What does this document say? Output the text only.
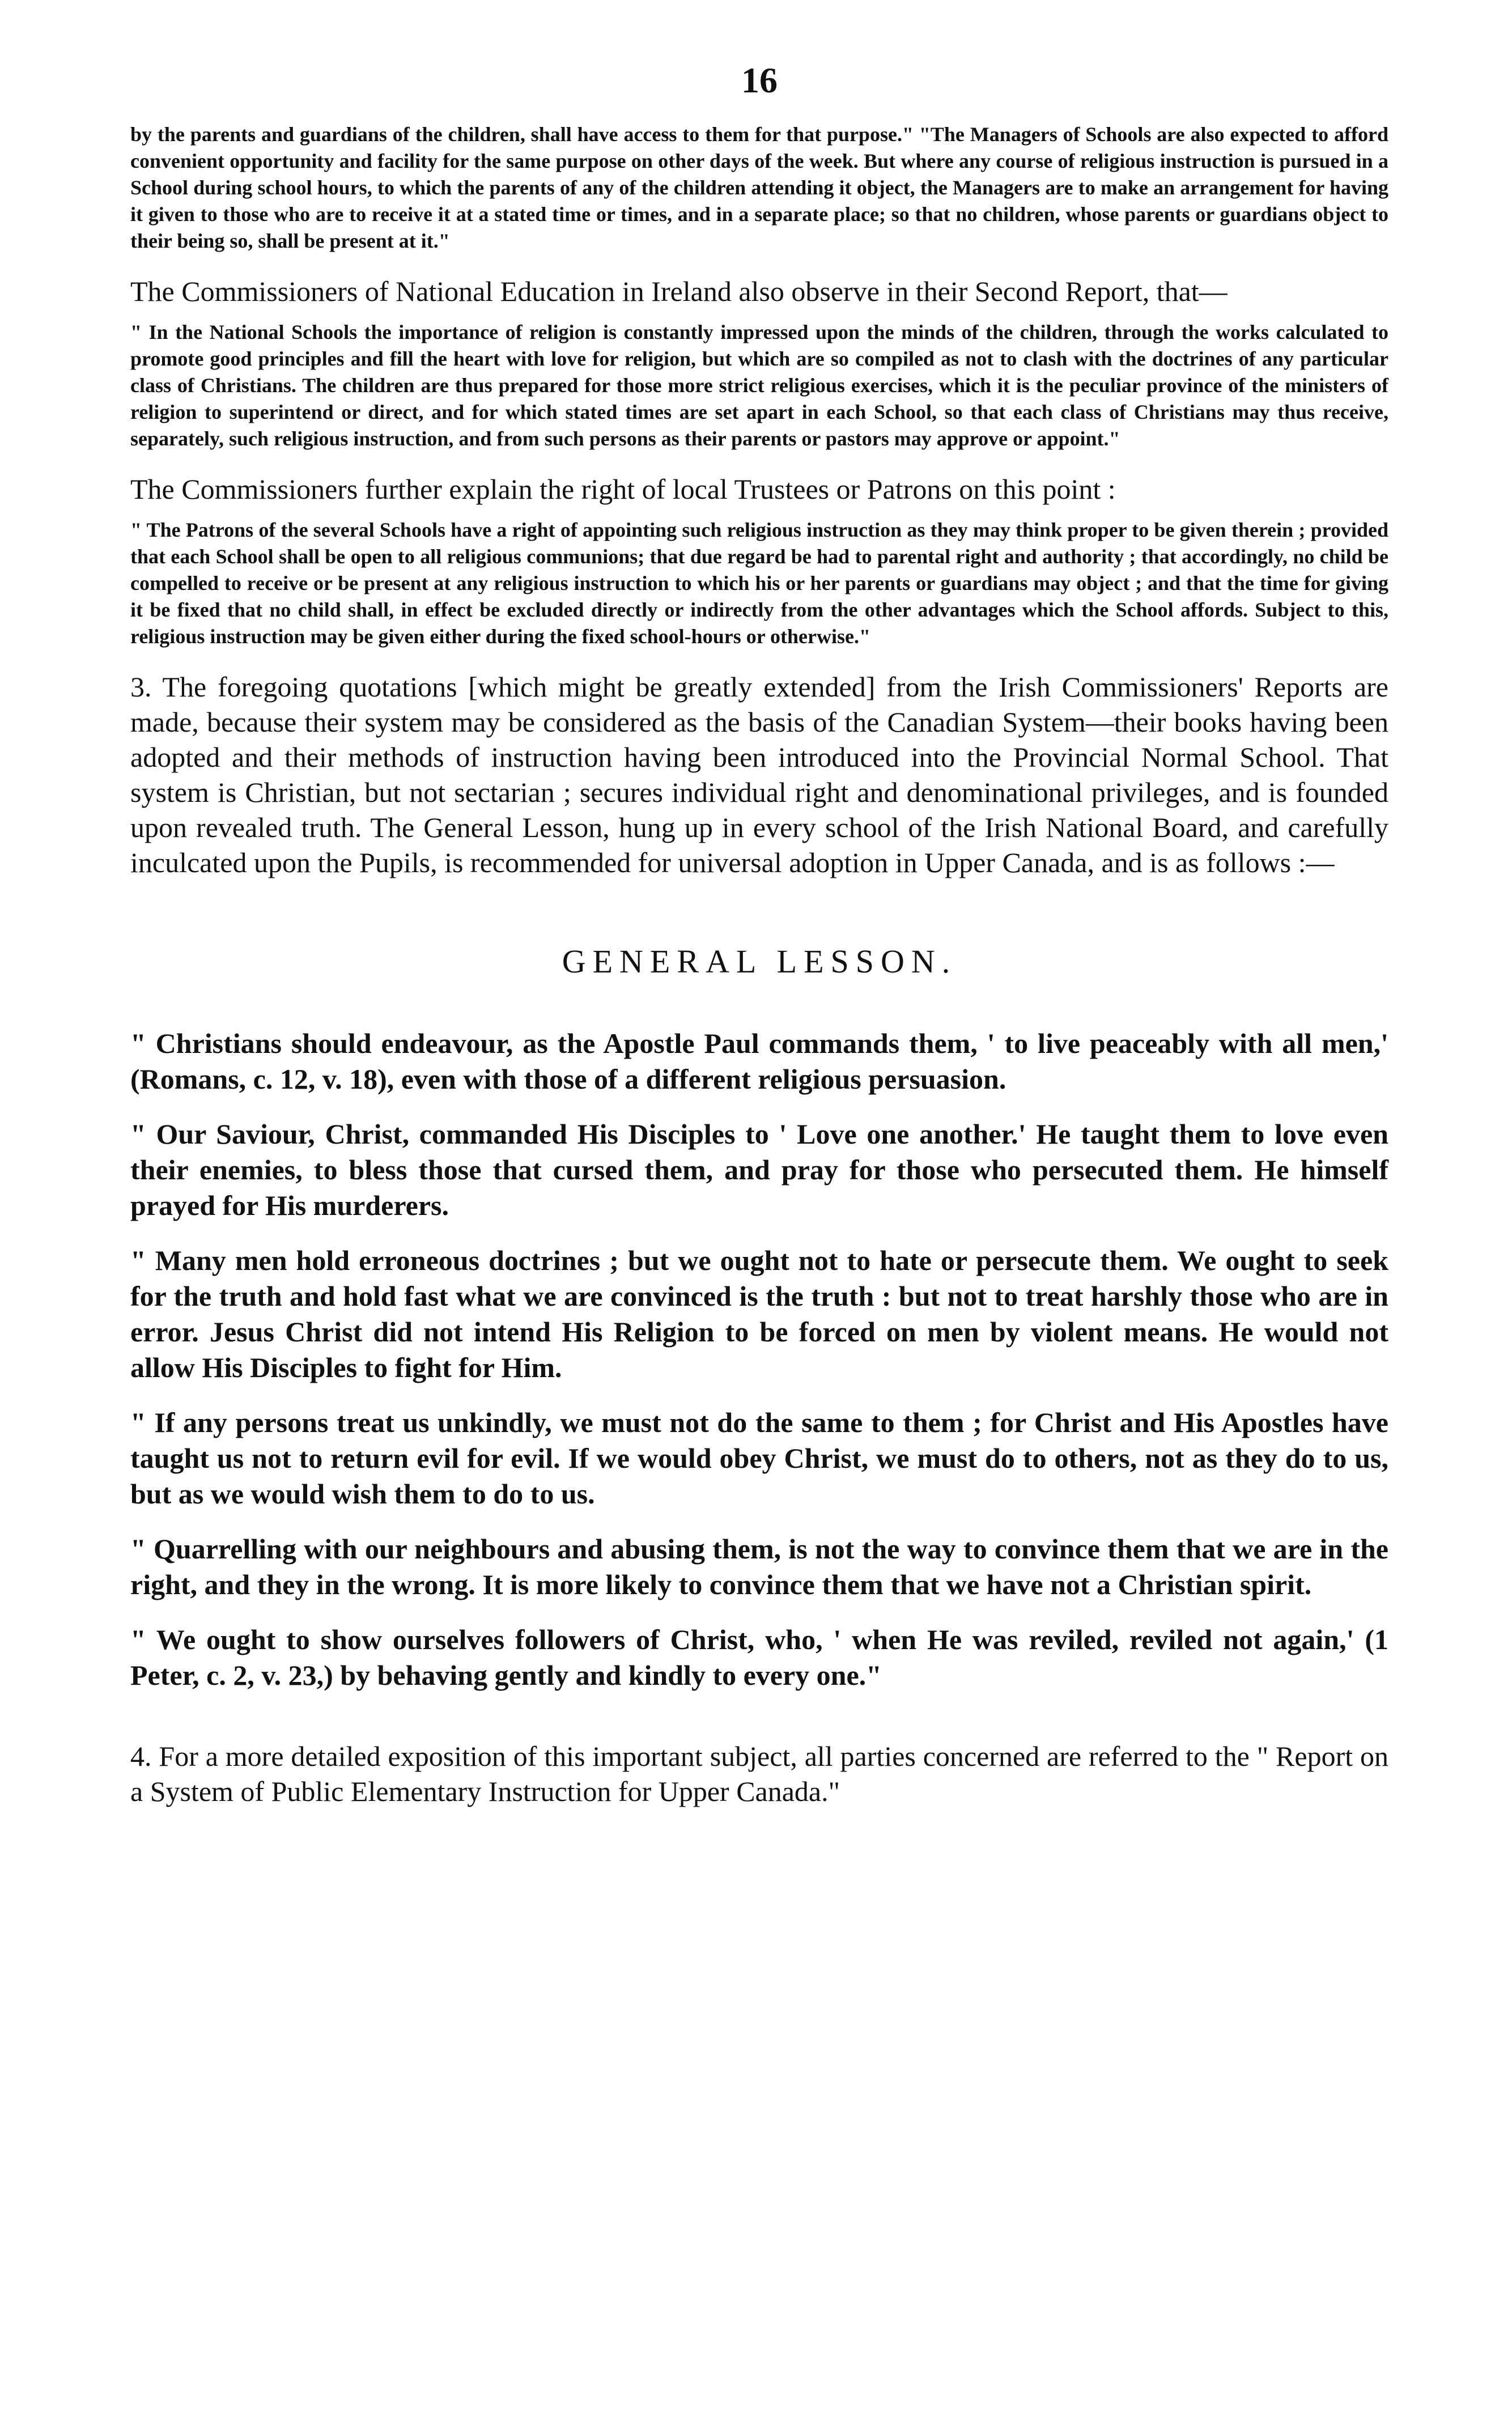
16

by the parents and guardians of the children, shall have access to them for that purpose." "The Managers of Schools are also expected to afford convenient opportunity and facility for the same purpose on other days of the week. But where any course of religious instruction is pursued in a School during school hours, to which the parents of any of the children attending it object, the Managers are to make an arrangement for having it given to those who are to receive it at a stated time or times, and in a separate place; so that no children, whose parents or guardians object to their being so, shall be present at it."

The Commissioners of National Education in Ireland also observe in their Second Report, that—

" In the National Schools the importance of religion is constantly impressed upon the minds of the children, through the works calculated to promote good principles and fill the heart with love for religion, but which are so compiled as not to clash with the doctrines of any particular class of Christians. The children are thus prepared for those more strict religious exercises, which it is the peculiar province of the ministers of religion to superintend or direct, and for which stated times are set apart in each School, so that each class of Christians may thus receive, separately, such religious instruction, and from such persons as their parents or pastors may approve or appoint."

The Commissioners further explain the right of local Trustees or Patrons on this point :

" The Patrons of the several Schools have a right of appointing such religious instruction as they may think proper to be given therein ; provided that each School shall be open to all religious communions; that due regard be had to parental right and authority ; that accordingly, no child be compelled to receive or be present at any religious instruction to which his or her parents or guardians may object ; and that the time for giving it be fixed that no child shall, in effect be excluded directly or indirectly from the other advantages which the School affords. Subject to this, religious instruction may be given either during the fixed school-hours or otherwise."

3. The foregoing quotations [which might be greatly extended] from the Irish Commissioners' Reports are made, because their system may be considered as the basis of the Canadian System—their books having been adopted and their methods of instruction having been introduced into the Provincial Normal School. That system is Christian, but not sectarian ; secures individual right and denominational privileges, and is founded upon revealed truth. The General Lesson, hung up in every school of the Irish National Board, and carefully inculcated upon the Pupils, is recommended for universal adoption in Upper Canada, and is as follows :—

GENERAL LESSON.

" Christians should endeavour, as the Apostle Paul commands them, ' to live peaceably with all men,' (Romans, c. 12, v. 18), even with those of a different religious persuasion.

" Our Saviour, Christ, commanded His Disciples to ' Love one another.' He taught them to love even their enemies, to bless those that cursed them, and pray for those who persecuted them. He himself prayed for His murderers.

" Many men hold erroneous doctrines ; but we ought not to hate or persecute them. We ought to seek for the truth and hold fast what we are convinced is the truth : but not to treat harshly those who are in error. Jesus Christ did not intend His Religion to be forced on men by violent means. He would not allow His Disciples to fight for Him.

" If any persons treat us unkindly, we must not do the same to them ; for Christ and His Apostles have taught us not to return evil for evil. If we would obey Christ, we must do to others, not as they do to us, but as we would wish them to do to us.

" Quarrelling with our neighbours and abusing them, is not the way to convince them that we are in the right, and they in the wrong. It is more likely to convince them that we have not a Christian spirit.

" We ought to show ourselves followers of Christ, who, ' when He was reviled, reviled not again,' (1 Peter, c. 2, v. 23,) by behaving gently and kindly to every one."

4. For a more detailed exposition of this important subject, all parties concerned are referred to the " Report on a System of Public Elementary Instruction for Upper Canada."
